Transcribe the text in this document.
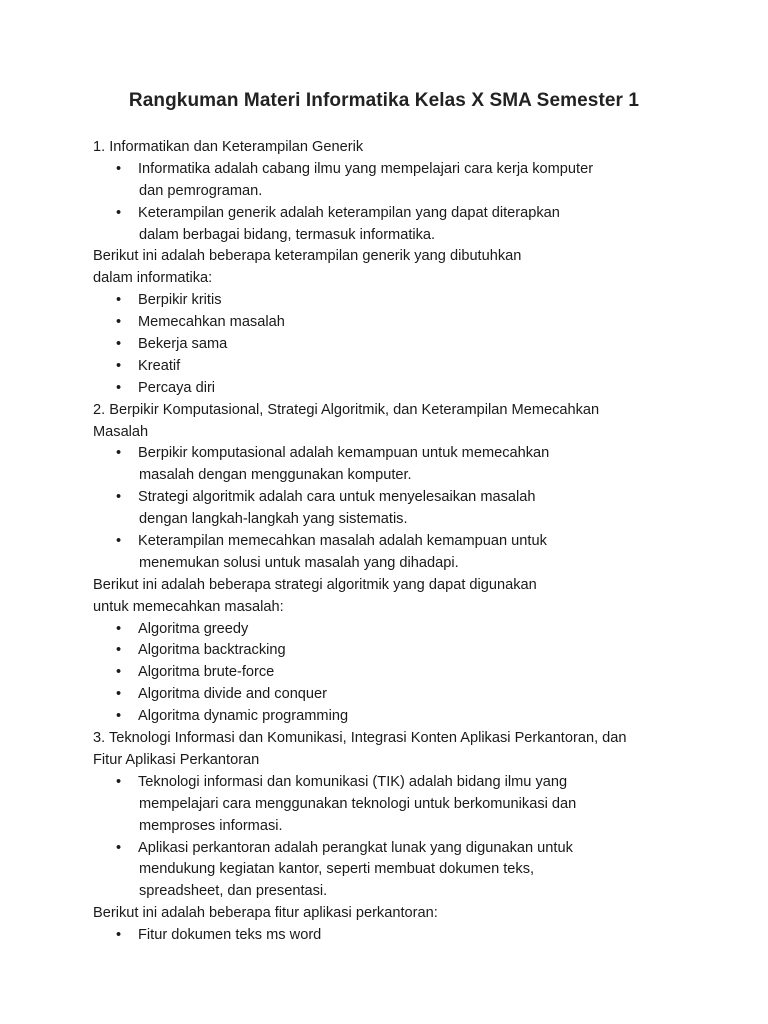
Rangkuman Materi Informatika Kelas X SMA Semester 1
1. Informatikan dan Keterampilan Generik
• Informatika adalah cabang ilmu yang mempelajari cara kerja komputer
dan pemrograman.
• Keterampilan generik adalah keterampilan yang dapat diterapkan
dalam berbagai bidang, termasuk informatika.
Berikut ini adalah beberapa keterampilan generik yang dibutuhkan
dalam informatika:
• Berpikir kritis
• Memecahkan masalah
• Bekerja sama
• Kreatif
• Percaya diri
2. Berpikir Komputasional, Strategi Algoritmik, dan Keterampilan Memecahkan
Masalah
• Berpikir komputasional adalah kemampuan untuk memecahkan
masalah dengan menggunakan komputer.
• Strategi algoritmik adalah cara untuk menyelesaikan masalah
dengan langkah-langkah yang sistematis.
• Keterampilan memecahkan masalah adalah kemampuan untuk
menemukan solusi untuk masalah yang dihadapi.
Berikut ini adalah beberapa strategi algoritmik yang dapat digunakan
untuk memecahkan masalah:
• Algoritma greedy
• Algoritma backtracking
• Algoritma brute-force
• Algoritma divide and conquer
• Algoritma dynamic programming
3. Teknologi Informasi dan Komunikasi, Integrasi Konten Aplikasi Perkantoran, dan
Fitur Aplikasi Perkantoran
• Teknologi informasi dan komunikasi (TIK) adalah bidang ilmu yang
mempelajari cara menggunakan teknologi untuk berkomunikasi dan
memproses informasi.
• Aplikasi perkantoran adalah perangkat lunak yang digunakan untuk
mendukung kegiatan kantor, seperti membuat dokumen teks,
spreadsheet, dan presentasi.
Berikut ini adalah beberapa fitur aplikasi perkantoran:
• Fitur dokumen teks ms word
